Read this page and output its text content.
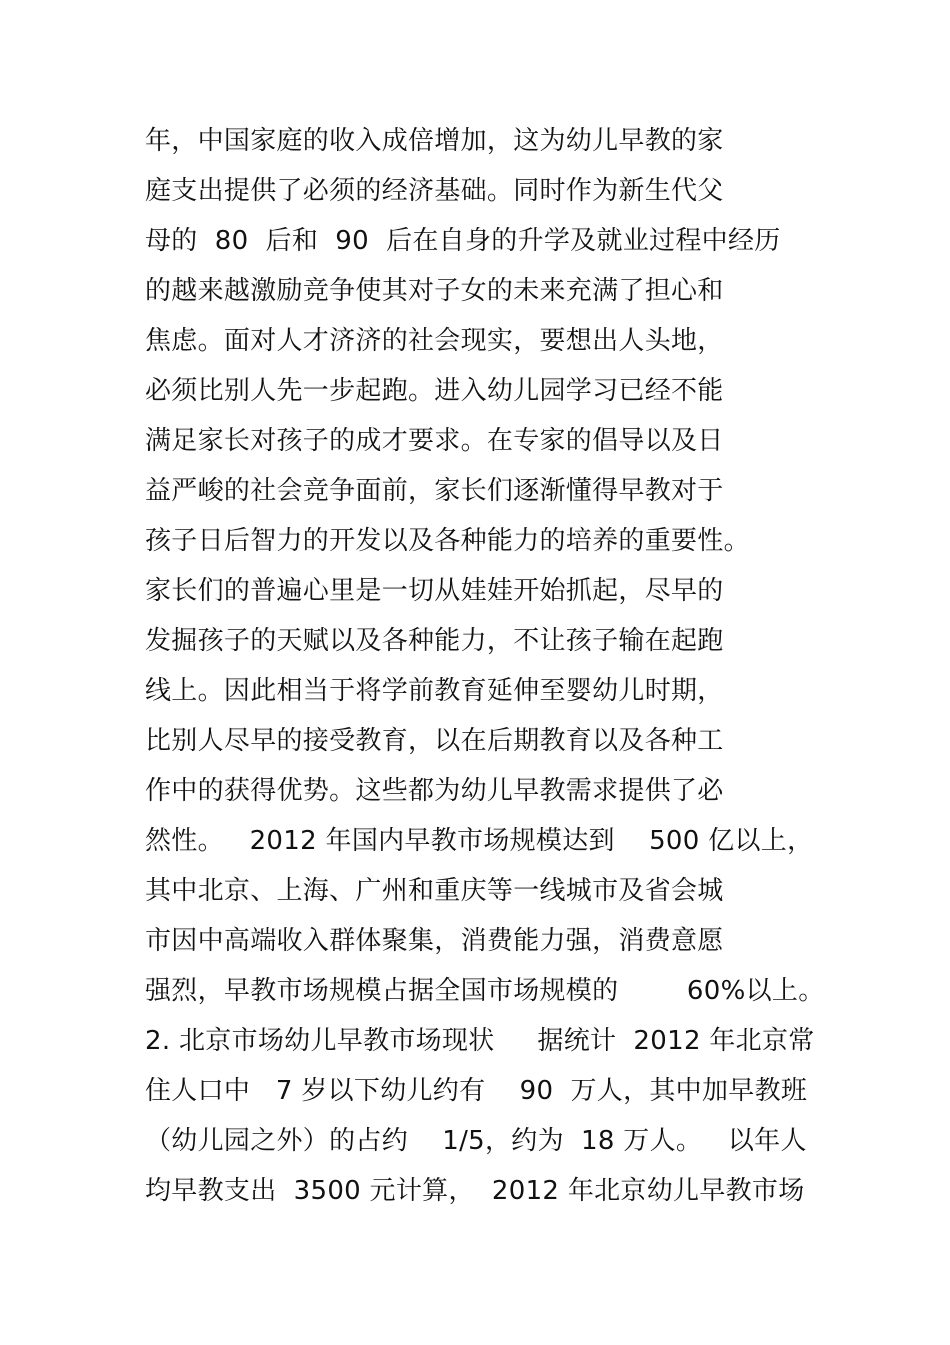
年，中国家庭的收入成倍增加，这为幼儿早教的家
庭支出提供了必须的经济基础。同时作为新生代父
母的  80  后和  90  后在自身的升学及就业过程中经历
的越来越激励竞争使其对子女的未来充满了担心和
焦虑。面对人才济济的社会现实，要想出人头地，
必须比别人先一步起跑。进入幼儿园学习已经不能
满足家长对孩子的成才要求。在专家的倡导以及日
益严峻的社会竞争面前，家长们逐渐懂得早教对于
孩子日后智力的开发以及各种能力的培养的重要性。
家长们的普遍心里是一切从娃娃开始抓起，尽早的
发掘孩子的天赋以及各种能力，不让孩子输在起跑
线上。因此相当于将学前教育延伸至婴幼儿时期，
比别人尽早的接受教育，以在后期教育以及各种工
作中的获得优势。这些都为幼儿早教需求提供了必
然性。   2012 年国内早教市场规模达到    500 亿以上，
其中北京、上海、广州和重庆等一线城市及省会城
市因中高端收入群体聚集，消费能力强，消费意愿
强烈，早教市场规模占据全国市场规模的        60%以上。
2. 北京市场幼儿早教市场现状     据统计  2012 年北京常
住人口中   7 岁以下幼儿约有    90  万人，其中加早教班
（幼儿园之外）的占约    1/5，约为  18 万人。   以年人
均早教支出  3500 元计算，  2012 年北京幼儿早教市场
